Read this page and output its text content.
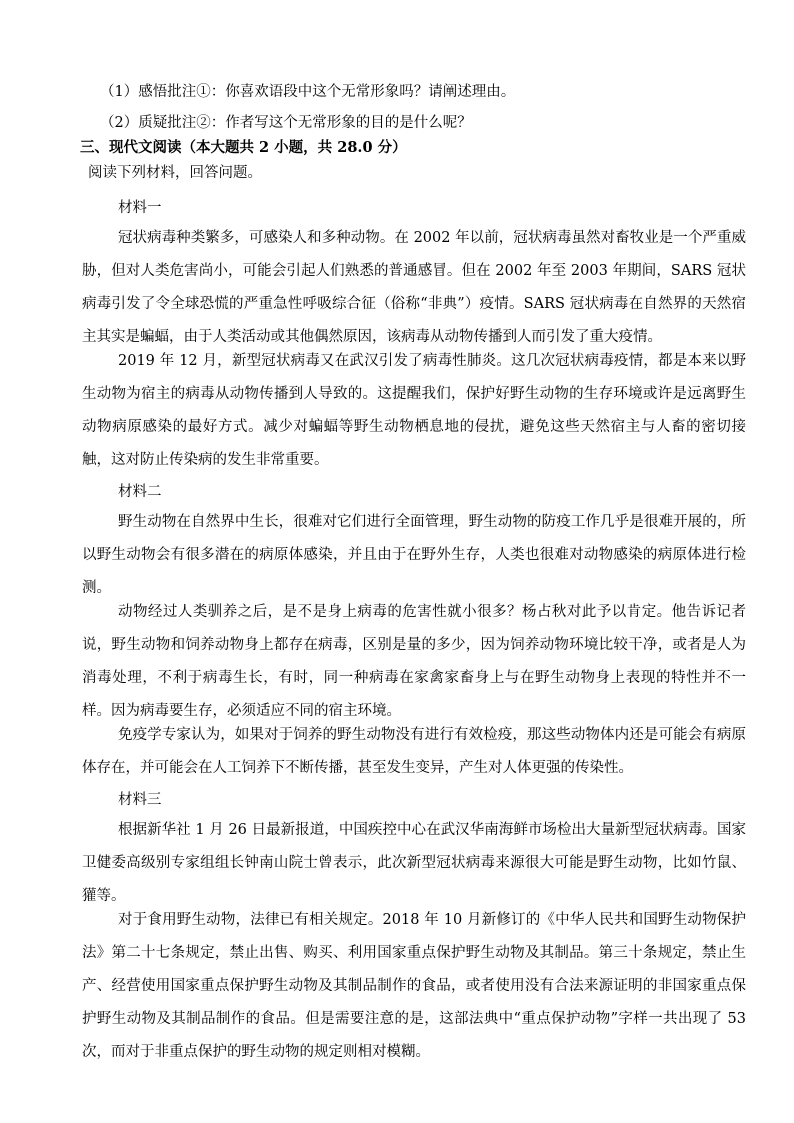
（1）感悟批注①：你喜欢语段中这个无常形象吗？请阐述理由。
（2）质疑批注②：作者写这个无常形象的目的是什么呢？
三、现代文阅读（本大题共 2 小题，共 28.0 分）
阅读下列材料，回答问题。
材料一
冠状病毒种类繁多，可感染人和多种动物。在 2002 年以前，冠状病毒虽然对畜牧业是一个严重威胁，但对人类危害尚小，可能会引起人们熟悉的普通感冒。但在 2002 年至 2003 年期间，SARS 冠状病毒引发了令全球恐慌的严重急性呼吸综合征（俗称“非典”）疫情。SARS 冠状病毒在自然界的天然宿主其实是蝙蝠，由于人类活动或其他偶然原因，该病毒从动物传播到人而引发了重大疫情。
2019 年 12 月，新型冠状病毒又在武汉引发了病毒性肺炎。这几次冠状病毒疫情，都是本来以野生动物为宿主的病毒从动物传播到人导致的。这提醒我们，保护好野生动物的生存环境或许是远离野生动物病原感染的最好方式。减少对蝙蝠等野生动物栖息地的侵扰，避免这些天然宿主与人畜的密切接触，这对防止传染病的发生非常重要。
材料二
野生动物在自然界中生长，很难对它们进行全面管理，野生动物的防疫工作几乎是很难开展的，所以野生动物会有很多潜在的病原体感染，并且由于在野外生存，人类也很难对动物感染的病原体进行检测。
动物经过人类驯养之后，是不是身上病毒的危害性就小很多？杨占秋对此予以肯定。他告诉记者说，野生动物和饲养动物身上都存在病毒，区别是量的多少，因为饲养动物环境比较干净，或者是人为消毒处理，不利于病毒生长，有时，同一种病毒在家禽家畜身上与在野生动物身上表现的特性并不一样。因为病毒要生存，必须适应不同的宿主环境。
免疫学专家认为，如果对于饲养的野生动物没有进行有效检疫，那这些动物体内还是可能会有病原体存在，并可能会在人工饲养下不断传播，甚至发生变异，产生对人体更强的传染性。
材料三
根据新华社 1 月 26 日最新报道，中国疾控中心在武汉华南海鲜市场检出大量新型冠状病毒。国家卫健委高级别专家组组长钟南山院士曾表示，此次新型冠状病毒来源很大可能是野生动物，比如竹鼠、獾等。
对于食用野生动物，法律已有相关规定。2018 年 10 月新修订的《中华人民共和国野生动物保护法》第二十七条规定，禁止出售、购买、利用国家重点保护野生动物及其制品。第三十条规定，禁止生产、经营使用国家重点保护野生动物及其制品制作的食品，或者使用没有合法来源证明的非国家重点保护野生动物及其制品制作的食品。但是需要注意的是，这部法典中“重点保护动物”字样一共出现了 53 次，而对于非重点保护的野生动物的规定则相对模糊。
